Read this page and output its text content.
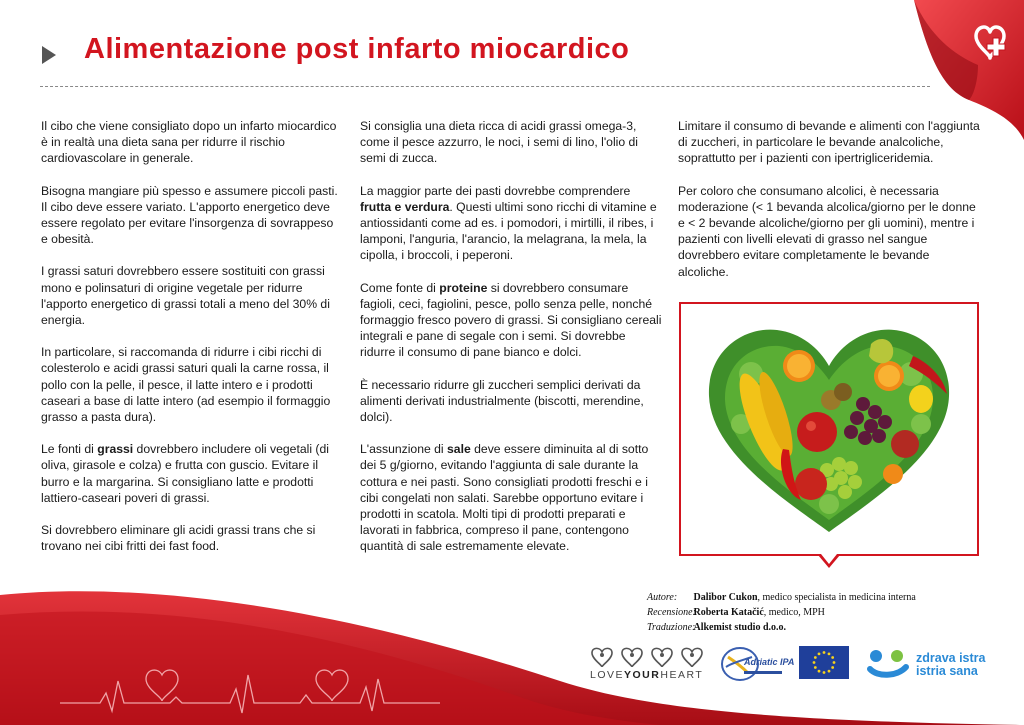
Alimentazione post infarto miocardico

Il cibo che viene consigliato dopo un infarto miocardico è in realtà una dieta sana per ridurre il rischio cardiovascolare in generale.

Bisogna mangiare più spesso e assumere piccoli pasti. Il cibo deve essere variato. L'apporto energetico deve essere regolato per evitare l'insorgenza di sovrappeso e obesità.

I grassi saturi dovrebbero essere sostituiti con grassi mono e polinsaturi di origine vegetale per ridurre l'apporto energetico di grassi totali a meno del 30% di energia.

In particolare, si raccomanda di ridurre i cibi ricchi di colesterolo e acidi grassi saturi quali la carne rossa, il pollo con la pelle, il pesce, il latte intero e i prodotti caseari a base di latte intero (ad esempio il formaggio grasso a pasta dura).

Le fonti di grassi dovrebbero includere oli vegetali (di oliva, girasole e colza) e frutta con guscio. Evitare il burro e la margarina. Si consigliano latte e prodotti lattiero-caseari poveri di grassi.

Si dovrebbero eliminare gli acidi grassi trans che si trovano nei cibi fritti dei fast food.

Si consiglia una dieta ricca di acidi grassi omega-3, come il pesce azzurro, le noci, i semi di lino, l'olio di semi di zucca.

La maggior parte dei pasti dovrebbe comprendere frutta e verdura. Questi ultimi sono ricchi di vitamine e antiossidanti come ad es. i pomodori, i mirtilli, il ribes, i lamponi, l'anguria, l'arancio, la melagrana, la mela, la cipolla, i broccoli, i peperoni.

Come fonte di proteine si dovrebbero consumare fagioli, ceci, fagiolini, pesce, pollo senza pelle, nonché formaggio fresco povero di grassi. Si consigliano cereali integrali e pane di segale con i semi. Si dovrebbe ridurre il consumo di pane bianco e dolci.

È necessario ridurre gli zuccheri semplici derivati da alimenti derivati industrialmente (biscotti, merendine, dolci).

L'assunzione di sale deve essere diminuita al di sotto dei 5 g/giorno, evitando l'aggiunta di sale durante la cottura e nei pasti. Sono consigliati prodotti freschi e i cibi congelati non salati. Sarebbe opportuno evitare i prodotti in scatola. Molti tipi di prodotti preparati e lavorati in fabbrica, compreso il pane, contengono quantità di sale estremamente elevate.

Limitare il consumo di bevande e alimenti con l'aggiunta di zuccheri, in particolare le bevande analcoliche, soprattutto per i pazienti con ipertrigliceridemia.

Per coloro che consumano alcolici, è necessaria moderazione (< 1 bevanda alcolica/giorno per le donne e < 2 bevande alcoliche/giorno per gli uomini), mentre i pazienti con livelli elevati di grasso nel sangue dovrebbero evitare completamente le bevande alcoliche.

Autore: Dalibor Cukon, medico specialista in medicina interna
Recensione: Roberta Katačić, medico, MPH
Traduzione: Alkemist studio d.o.o.
LOVEYOURHEART
Adriatic IPA	zdrava istra
istria sana
